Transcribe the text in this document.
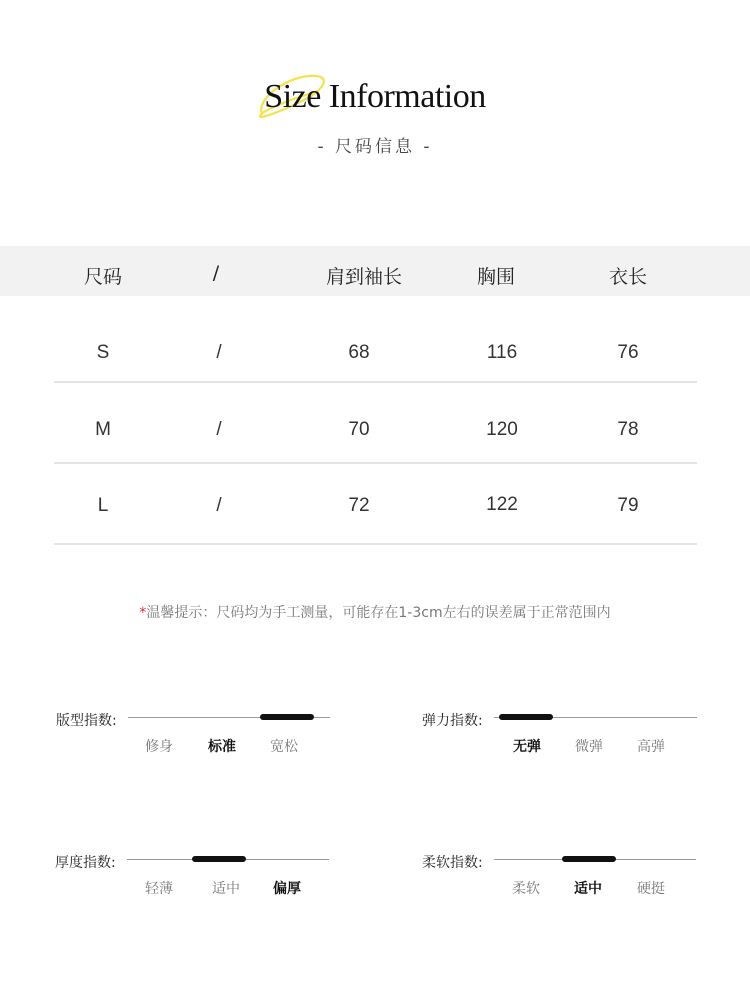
Size Information
- 尺码信息 -
尺码	/	肩到袖长	胸围	衣长
S	/	68	116	76
M	/	70	120	78
L	/	72	122	79
*温馨提示：尺码均为手工测量，可能存在1-3cm左右的误差属于正常范围内
版型指数:
修身	标准 宽松
弹力指数:
无弹 微弹 高弹
厚度指数:
轻薄	适中 偏厚
柔软指数:
柔软 适中	硬挺
